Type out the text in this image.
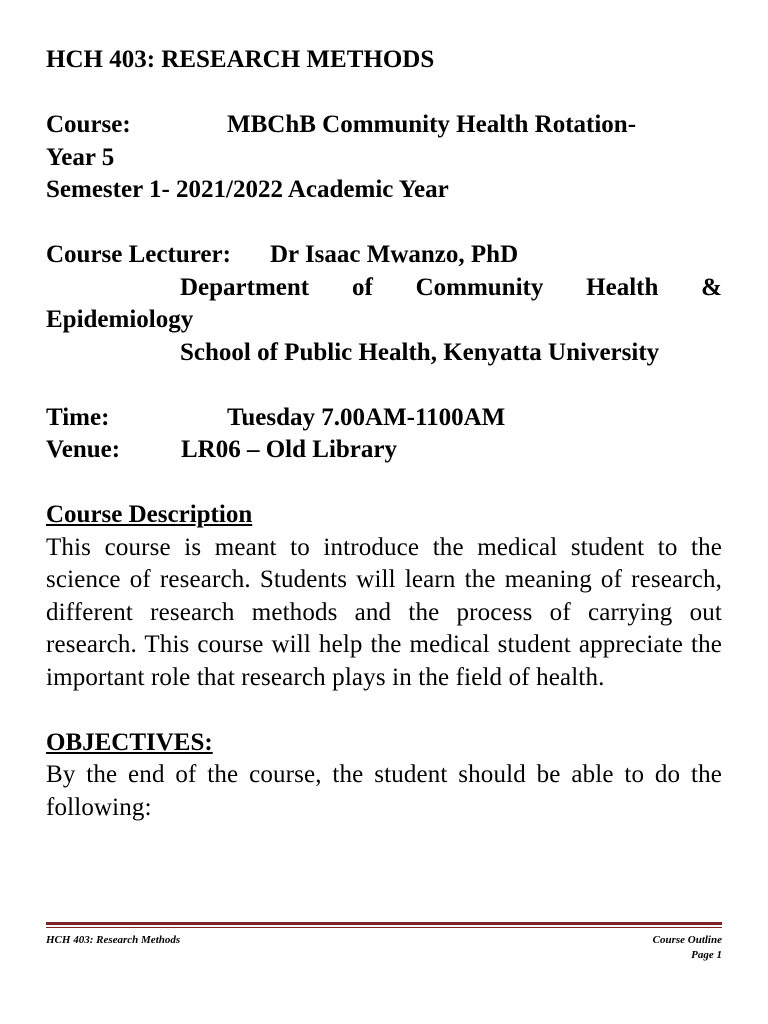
HCH 403: RESEARCH METHODS
Course:	MBChB Community Health Rotation-
Year 5
Semester 1- 2021/2022 Academic Year
Course Lecturer: Dr Isaac Mwanzo, PhD
Department of Community Health &
Epidemiology
School of Public Health, Kenyatta University
Time:	Tuesday 7.00AM-1100AM
Venue: LR06 – Old Library
Course Description
This course is meant to introduce the medical student to the science of research. Students will learn the meaning of research, different research methods and the process of carrying out research. This course will help the medical student appreciate the important role that research plays in the field of health.
OBJECTIVES:
By the end of the course, the student should be able to do the following:
HCH 403: Research Methods	Course Outline
Page 1
